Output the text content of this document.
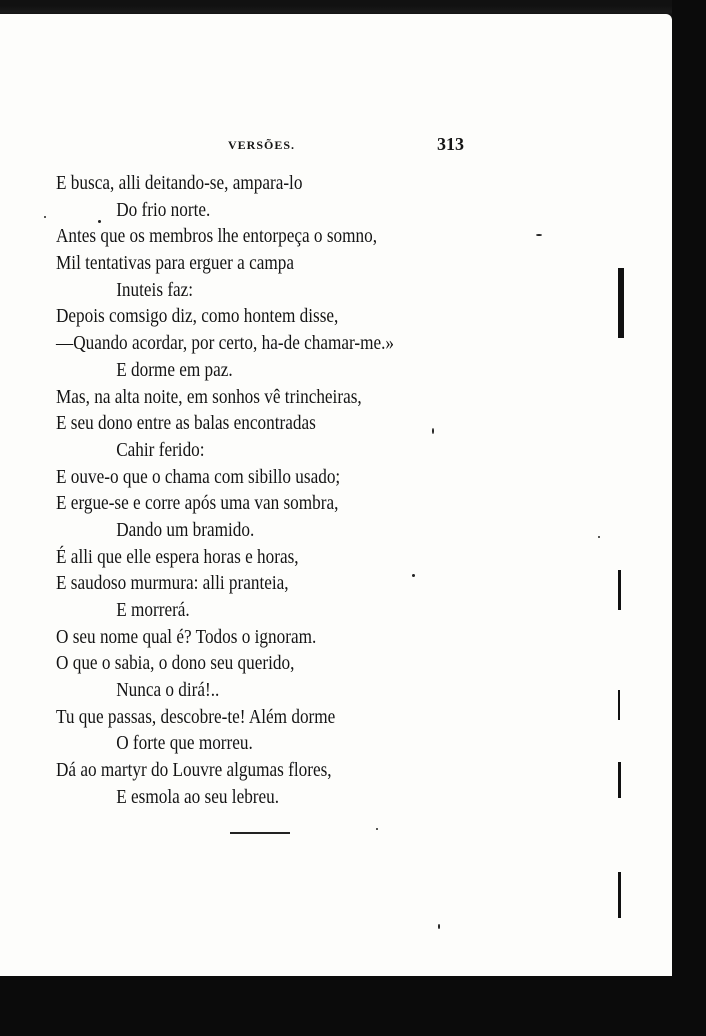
VERSÕES.	313
E busca, alli deitando-se, ampara-lo
Do frio norte.
Antes que os membros lhe entorpeça o somno,
Mil tentativas para erguer a campa
Inuteis faz:
Depois comsigo diz, como hontem disse,
—Quando acordar, por certo, ha-de chamar-me.»
E dorme em paz.
Mas, na alta noite, em sonhos vê trincheiras,
E seu dono entre as balas encontradas
Cahir ferido:
E ouve-o que o chama com sibillo usado;
E ergue-se e corre após uma van sombra,
Dando um bramido.
É alli que elle espera horas e horas,
E saudoso murmura: alli pranteia,
E morrerá.
O seu nome qual é? Todos o ignoram.
O que o sabia, o dono seu querido,
Nunca o dirá!..
Tu que passas, descobre-te! Além dorme
O forte que morreu.
Dá ao martyr do Louvre algumas flores,
E esmola ao seu lebreu.
